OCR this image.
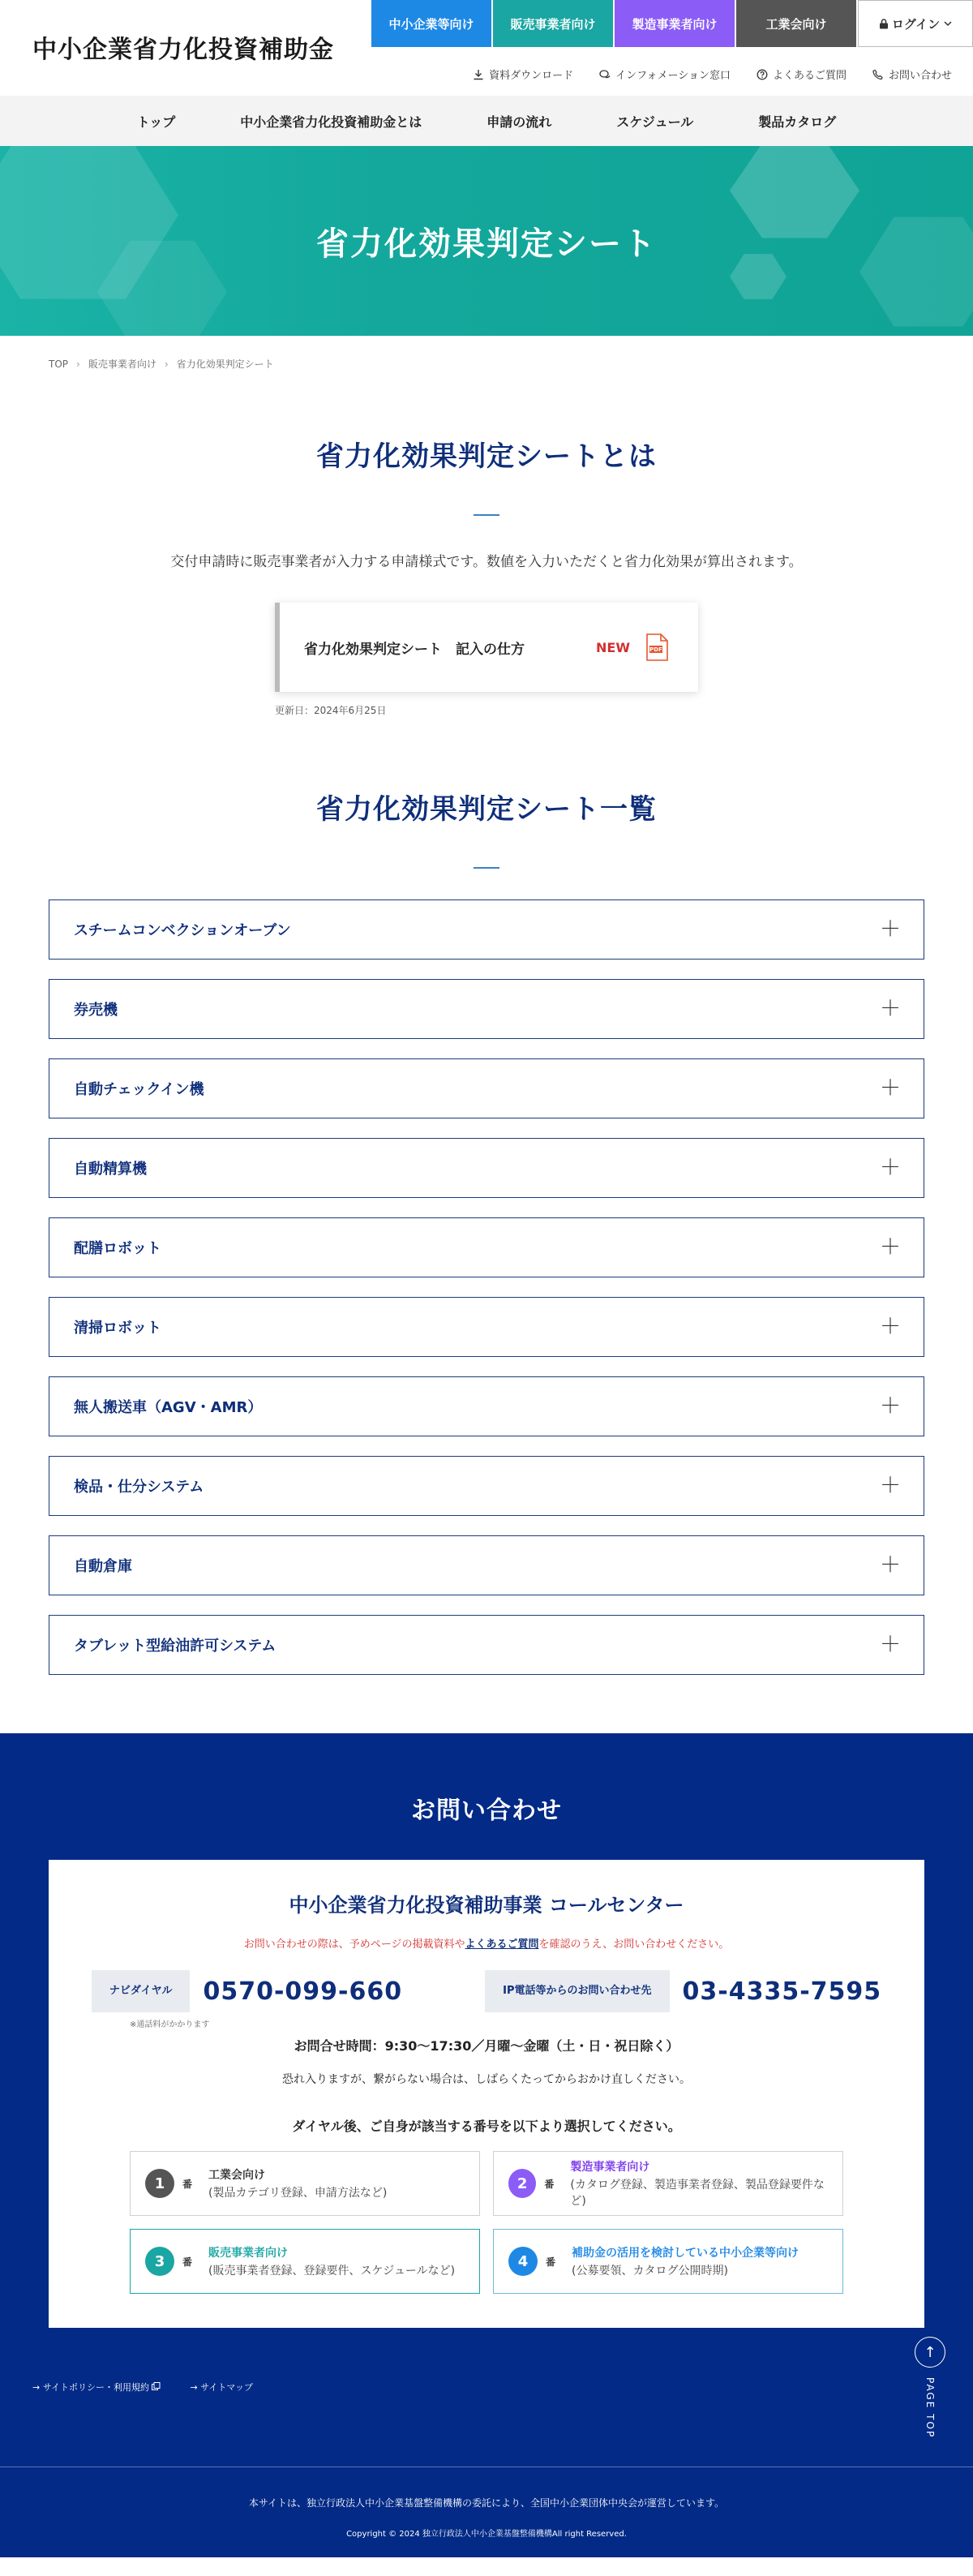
中小企業省力化投資補助金
中小企業等向け	販売事業者向け	製造事業者向け	工業会向け	ログイン
資料ダウンロード	インフォメーション窓口	よくあるご質問	お問い合わせ
トップ	中小企業省力化投資補助金とは	申請の流れ	スケジュール	製品カタログ
省力化効果判定シート
TOP › 販売事業者向け › 省力化効果判定シート
省力化効果判定シートとは

交付申請時に販売事業者が入力する申請様式です。数値を入力いただくと省力化効果が算出されます。

省力化効果判定シート　記入の仕方	NEW	PDF
更新日：2024年6月25日
省力化効果判定シート一覧
スチームコンベクションオーブン	＋
券売機	＋
自動チェックイン機	＋
自動精算機	＋
配膳ロボット	＋
清掃ロボット	＋
無人搬送車（AGV・AMR）	＋
検品・仕分システム	＋
自動倉庫	＋
タブレット型給油許可システム	＋
お問い合わせ
中小企業省力化投資補助事業 コールセンター
お問い合わせの際は、予めページの掲載資料やよくあるご質問を確認のうえ、お問い合わせください。
ナビダイヤル	0570-099-660	IP電話等からの お問い合わせ先 03-4335-7595
※通話料がかかります
お問合せ時間：9:30〜17:30／月曜〜金曜（土・日・祝日除く）
恐れ入りますが、繋がらない場合は、しばらくたってからおかけ直しください。
ダイヤル後、ご自身が該当する番号を以下より選択してください。
1	番
工業会向け
(製品カテゴリ登録、申請方法など)
2	番
製造事業者向け
(カタログ登録、製造事業者登録、製品登録要件など)
3	番
販売事業者向け
(販売事業者登録、登録要件、スケジュールなど)
4	番
補助金の活用を検討している中小企業等向け
(公募要領、カタログ公開時期)
→ サイトポリシー・利用規約	→ サイトマップ
↑
PAGE TOP
本サイトは、独立行政法人中小企業基盤整備機構の委託により、全国中小企業団体中央会が運営しています。
Copyright © 2024 独立行政法人中小企業基盤整備機構All right Reserved.
